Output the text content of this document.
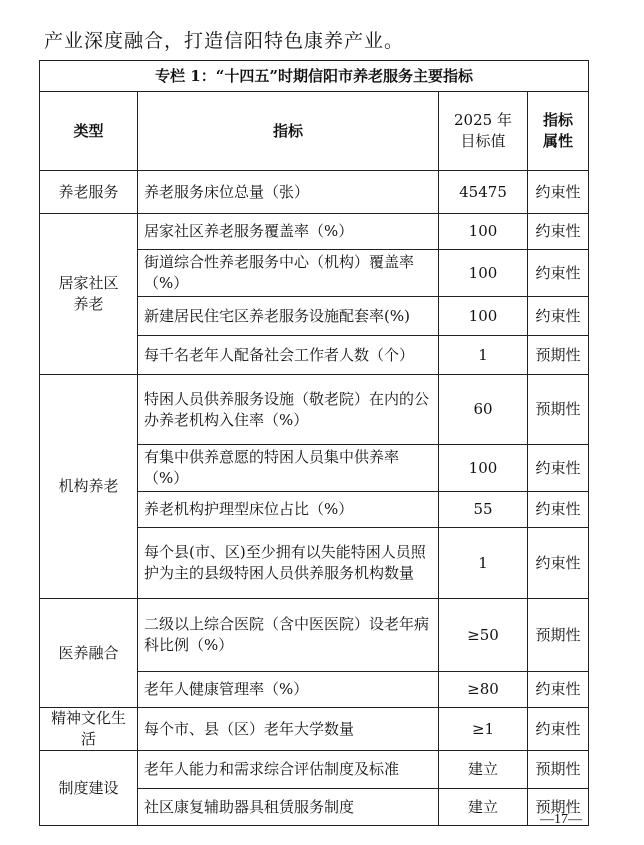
产业深度融合，打造信阳特色康养产业。
专栏 1：“十四五”时期信阳市养老服务主要指标			
类型	指标	2025 年目标值	指标属性
养老服务	养老服务床位总量（张）	45475	约束性
居家社区养老	居家社区养老服务覆盖率（%）	100	约束性
	街道综合性养老服务中心（机构）覆盖率（%）	100	约束性
	新建居民住宅区养老服务设施配套率(%)	100	约束性
	每千名老年人配备社会工作者人数（个）	1	预期性
机构养老	特困人员供养服务设施（敬老院）在内的公办养老机构入住率（%）	60	预期性
	有集中供养意愿的特困人员集中供养率（%）	100	约束性
	养老机构护理型床位占比（%）	55	约束性
	每个县(市、区)至少拥有以失能特困人员照护为主的县级特困人员供养服务机构数量	1	约束性
医养融合	二级以上综合医院（含中医医院）设老年病科比例（%）	≥50	预期性
	老年人健康管理率（%）	≥80	约束性
精神文化生活	每个市、县（区）老年大学数量	≥1	约束性
制度建设	老年人能力和需求综合评估制度及标准	建立	预期性
	社区康复辅助器具租赁服务制度	建立	预期性
—17—
